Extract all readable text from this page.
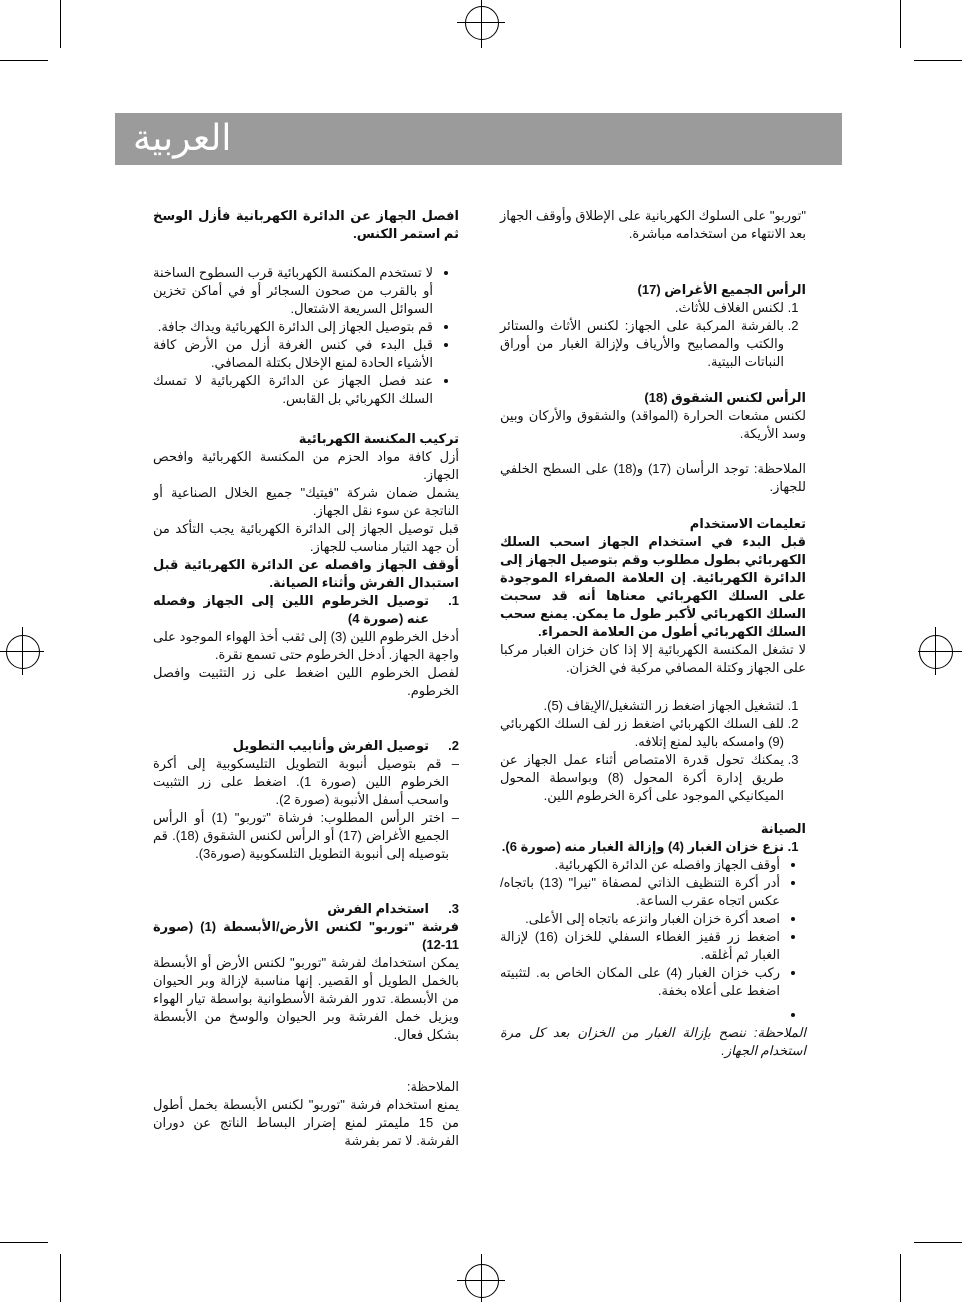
العربية
"توربو" على السلوك الكهربانية على الإطلاق وأوقف الجهاز بعد الانتهاء من استخدامه مباشرة.
الرأس الجميع الأغراض (17)
1. لكنس الغلاف للأثاث.
2. بالفرشة المركبة على الجهاز: لكنس الأثاث والستائر والكتب والمصابيح والأرياف ولإزالة الغبار من أوراق النباتات البيتية.
الرأس لكنس الشقوق (18)
لكنس مشعات الحرارة (المواقد) والشقوق والأركان وبين وسد الأريكة.
الملاحظة: توجد الرأسان (17) و(18) على السطح الخلفي للجهاز.
تعليمات الاستخدام
قبل البدء في استخدام الجهاز اسحب السلك الكهربائي بطول مطلوب وقم بتوصيل الجهاز إلى الدائرة الكهربائية. إن العلامة الصفراء الموجودة على السلك الكهربائي معناها أنه قد سحبت السلك الكهربائي لأكبر طول ما يمكن. يمنع سحب السلك الكهربائي أطول من العلامة الحمراء.
لا تشغل المكنسة الكهربائية إلا إذا كان خزان الغبار مركبا على الجهاز وكتلة المصافي مركبة في الخزان.
1. لتشغيل الجهاز اضغط زر التشغيل/الإيقاف (5).
2. للف السلك الكهربائي اضغط زر لف السلك الكهربائي (9) وامسكه باليد لمنع إتلافه.
3. يمكنك تحول قدرة الامتصاص أثناء عمل الجهاز عن طريق إدارة أكرة المحول (8) وبواسطة المحول الميكانيكي الموجود على أكرة الخرطوم اللين.
الصيانة
1. نزع خزان الغبار (4) وإزالة الغبار منه (صورة 6).
• أوقف الجهاز وافصله عن الدائرة الكهربائية.
• أدر أكرة التنظيف الذاتي لمصفاة "نيرا" (13) باتجاه/عكس اتجاه عقرب الساعة.
• اصعد أكرة خزان الغبار وانزعه باتجاه إلى الأعلى.
• اضغط زر قفيز الغطاء السفلي للخزان (16) لإزالة الغبار ثم أغلقه.
• ركب خزان الغبار (4) على المكان الخاص به. لتثبيته اضغط على أعلاه بخفة.
•
الملاحظة: ننصح بإزالة الغبار من الخزان بعد كل مرة استخدام الجهاز.
افصل الجهاز عن الدائرة الكهربانية فأزل الوسخ ثم استمر الكنس.
• لا تستخدم المكنسة الكهربائية قرب السطوح الساخنة أو بالقرب من صحون السجائر أو في أماكن تخزين السوائل السريعة الاشتعال.
• قم بتوصيل الجهاز إلى الدائرة الكهربائية ويداك جافة.
• قبل البدء في كنس الغرفة أزل من الأرض كافة الأشياء الحادة لمنع الإخلال بكتلة المصافي.
• عند فصل الجهاز عن الدائرة الكهربائية لا تمسك السلك الكهربائي بل القابس.
تركيب المكنسة الكهربائية
أزل كافة مواد الحزم من المكنسة الكهربائية وافحص الجهاز.
يشمل ضمان شركة "فيتيك" جميع الخلال الصناعية أو الناتجة عن سوء نقل الجهاز.
قبل توصيل الجهاز إلى الدائرة الكهربائية يجب التأكد من أن جهد التيار مناسب للجهاز.
أوقف الجهاز وافصله عن الدائرة الكهربائية قبل استبدال الفرش وأثناء الصيانة.
1.
توصيل الخرطوم اللين إلى الجهاز وفصله عنه (صورة 4)
أدخل الخرطوم اللين (3) إلى ثقب أخذ الهواء الموجود على واجهة الجهاز. أدخل الخرطوم حتى تسمع نقرة.
لفصل الخرطوم اللين اضغط على زر التثبيت وافصل الخرطوم.
2.
توصيل الفرش وأنابيب التطويل
– قم بتوصيل أنبوبة التطويل التليسكوبية إلى أكرة الخرطوم اللين (صورة 1). اضغط على زر التثبيت واسحب أسفل الأنبوبة (صورة 2).
– اختر الرأس المطلوب: فرشاة "توربو" (1) أو الرأس الجميع الأغراض (17) أو الرأس لكنس الشقوق (18). قم بتوصيله إلى أنبوبة التطويل التلسكوبية (صورة3).
3.
استخدام الفرش
فرشة "توربو" لكنس الأرض/الأبسطة (1) (صورة 11-12)
يمكن استخدامك لفرشة "توربو" لكنس الأرض أو الأبسطة بالخمل الطويل أو القصير. إنها مناسبة لإزالة وبر الحيوان من الأبسطة. تدور الفرشة الأسطوانية بواسطة تيار الهواء ويزيل خمل الفرشة وبر الحيوان والوسخ من الأبسطة بشكل فعال.
الملاحظة:
يمنع استخدام فرشة "توربو" لكنس الأبسطة بخمل أطول من 15 مليمتر لمنع إضرار البساط الناتج عن دوران الفرشة. لا تمر بفرشة
